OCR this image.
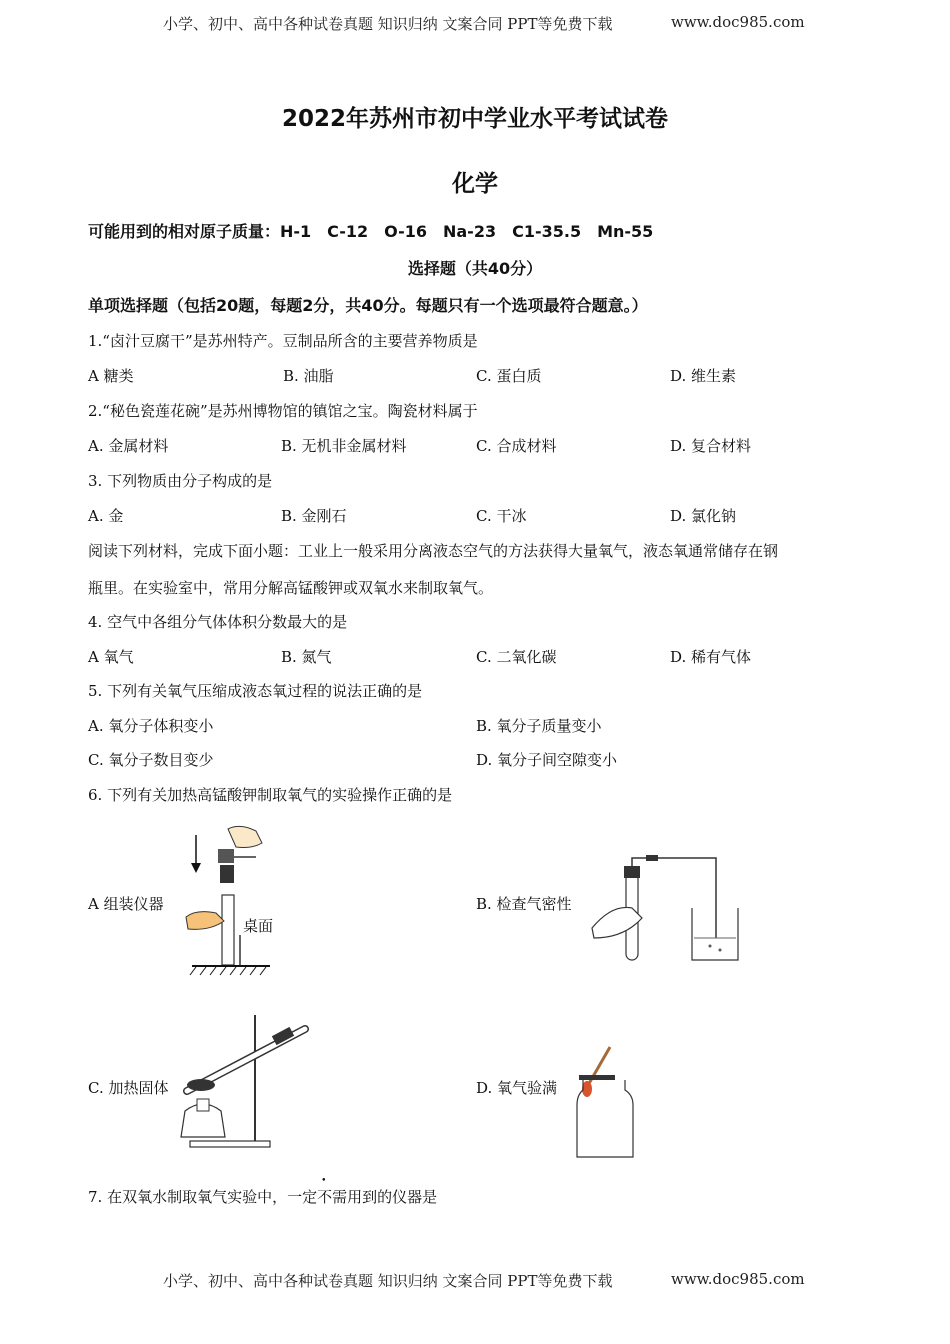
小学、初中、高中各种试卷真题 知识归纳 文案合同 PPT等免费下载	www.doc985.com
2022年苏州市初中学业水平考试试卷
化学
可能用到的相对原子质量：H-1　C-12　O-16　Na-23　C1-35.5　Mn-55
选择题（共40分）
单项选择题（包括20题，每题2分，共40分。每题只有一个选项最符合题意。）
1.“卤汁豆腐干”是苏州特产。豆制品所含的主要营养物质是
A 糖类	B. 油脂	C. 蛋白质	D. 维生素
2.“秘色瓷莲花碗”是苏州博物馆的镇馆之宝。陶瓷材料属于
A. 金属材料	B. 无机非金属材料	C. 合成材料	D. 复合材料
3. 下列物质由分子构成的是
A. 金	B. 金刚石	C. 干冰	D. 氯化钠
阅读下列材料，完成下面小题：工业上一般采用分离液态空气的方法获得大量氧气，液态氧通常储存在钢
瓶里。在实验室中，常用分解高锰酸钾或双氧水来制取氧气。
4. 空气中各组分气体体积分数最大的是
A 氧气	B. 氮气	C. 二氧化碳	D. 稀有气体
5. 下列有关氧气压缩成液态氧过程的说法正确的是
A. 氧分子体积变小	B. 氧分子质量变小
C. 氧分子数目变少	D. 氧分子间空隙变小
6. 下列有关加热高锰酸钾制取氧气的实验操作正确的是
A 组装仪器	B. 检查气密性
C. 加热固体	D. 氧气验满
桌面
7. 在双氧水制取氧气实验中，一定不需用到的仪器是
小学、初中、高中各种试卷真题 知识归纳 文案合同 PPT等免费下载	www.doc985.com
